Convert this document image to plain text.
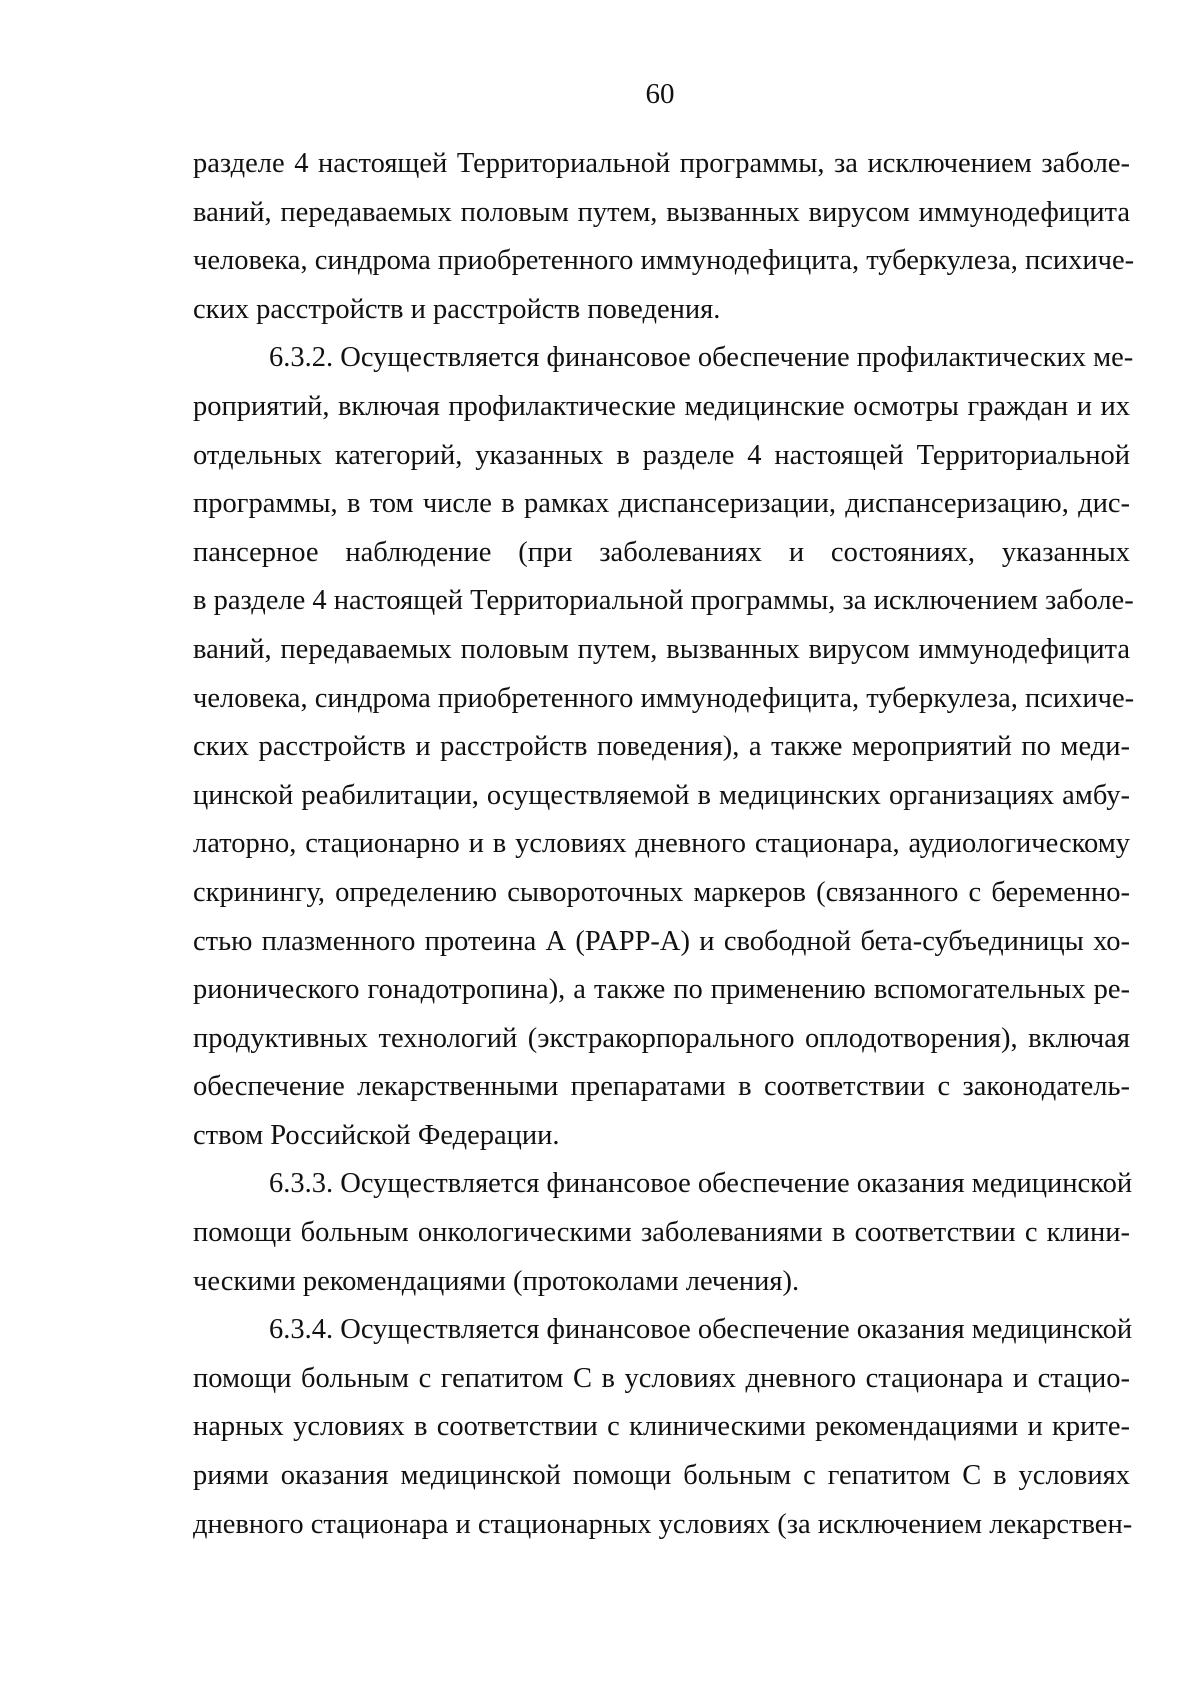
60
разделе 4 настоящей Территориальной программы, за исключением заболе-
ваний, передаваемых половым путем, вызванных вирусом иммунодефицита
человека, синдрома приобретенного иммунодефицита, туберкулеза, психиче-
ских расстройств и расстройств поведения.
6.3.2. Осуществляется финансовое обеспечение профилактических ме-
роприятий, включая профилактические медицинские осмотры граждан и их
отдельных категорий, указанных в разделе 4 настоящей Территориальной
программы, в том числе в рамках диспансеризации, диспансеризацию, дис-
пансерное наблюдение (при заболеваниях и состояниях, указанных
в разделе 4 настоящей Территориальной программы, за исключением заболе-
ваний, передаваемых половым путем, вызванных вирусом иммунодефицита
человека, синдрома приобретенного иммунодефицита, туберкулеза, психиче-
ских расстройств и расстройств поведения), а также мероприятий по меди-
цинской реабилитации, осуществляемой в медицинских организациях амбу-
латорно, стационарно и в условиях дневного стационара, аудиологическому
скринингу, определению сывороточных маркеров (связанного с беременно-
стью плазменного протеина А (PAPP-A) и свободной бета-субъединицы хо-
рионического гонадотропина), а также по применению вспомогательных ре-
продуктивных технологий (экстракорпорального оплодотворения), включая
обеспечение лекарственными препаратами в соответствии с законодатель-
ством Российской Федерации.
6.3.3. Осуществляется финансовое обеспечение оказания медицинской
помощи больным онкологическими заболеваниями в соответствии с клини-
ческими рекомендациями (протоколами лечения).
6.3.4. Осуществляется финансовое обеспечение оказания медицинской
помощи больным с гепатитом С в условиях дневного стационара и стацио-
нарных условиях в соответствии с клиническими рекомендациями и крите-
риями оказания медицинской помощи больным с гепатитом С в условиях
дневного стационара и стационарных условиях (за исключением лекарствен-
